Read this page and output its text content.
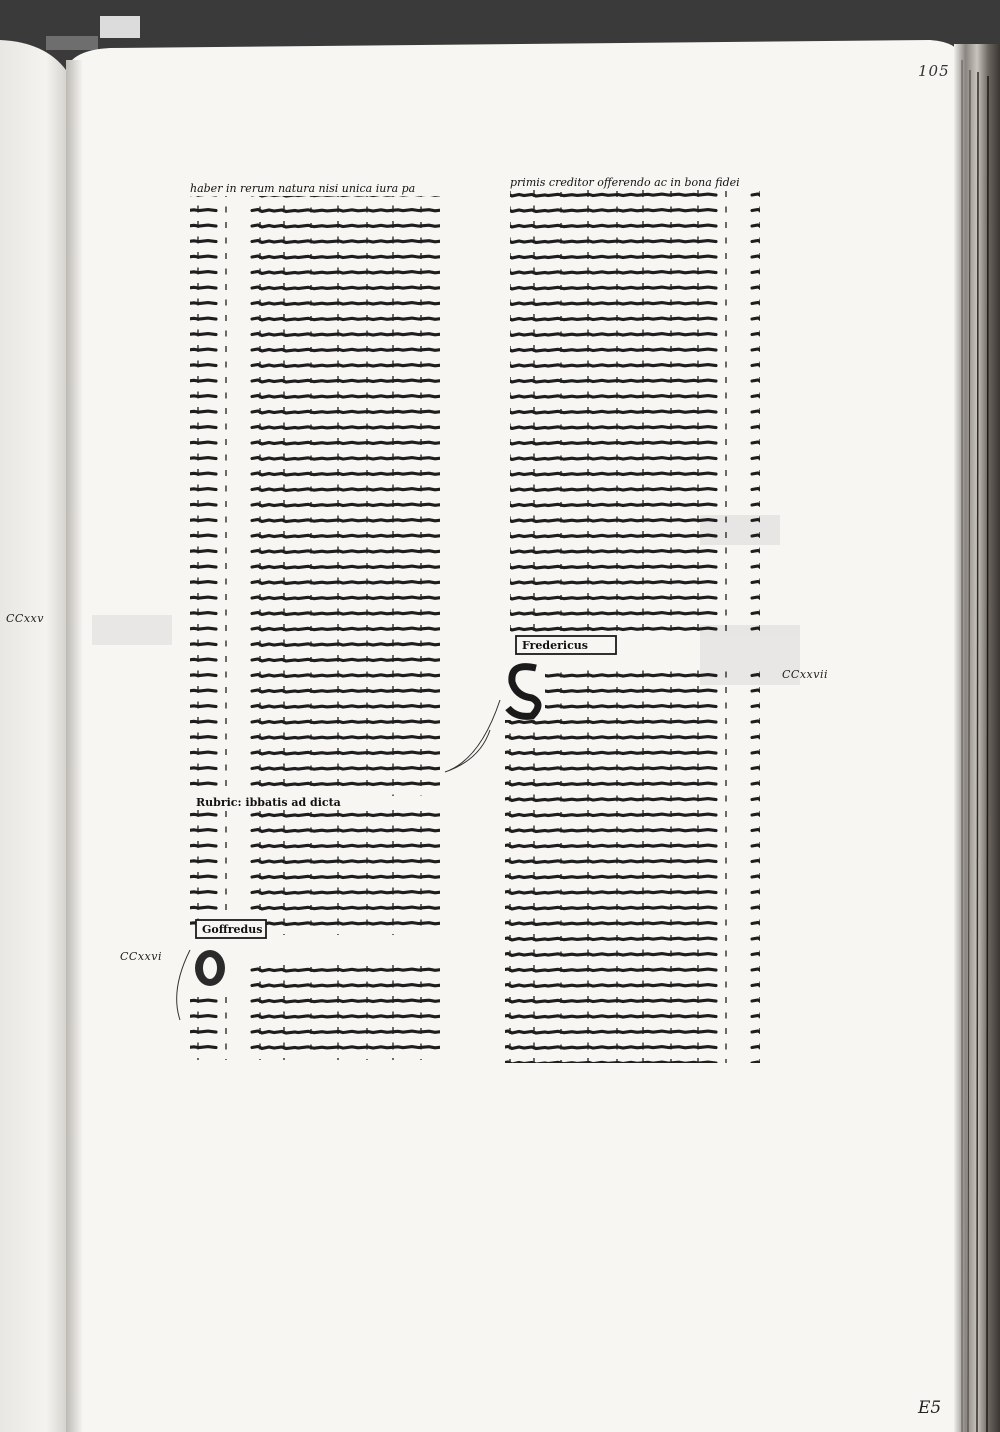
105
E5
CCxxv
CCxxvi
CCxxvii
Rubric: ibbatis ad dicta
Goffredus
Fredericus
haber in rerum natura nisi unica iura pa	primis creditor offerendo ac in bona fidei
